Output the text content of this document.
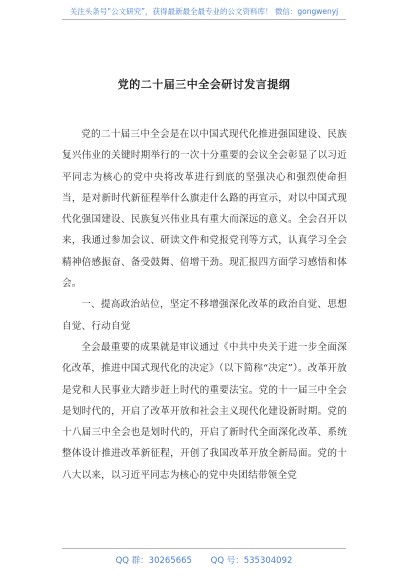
关注头条号“公文研究”，获得最新最全最专业的公文资料库！ 微信：gongwenyj
党的二十届三中全会研讨发言提纲

党的二十届三中全会是在以中国式现代化推进强国建设、民族复兴伟业的关键时期举行的一次十分重要的会议全会彰显了以习近平同志为核心的党中央将改革进行到底的坚强决心和强烈使命担当，是对新时代新征程举什么旗走什么路的再宣示，对以中国式现代化强国建设、民族复兴伟业具有重大而深远的意义。全会召开以来，我通过参加会议、研读文件和党报党刊等方式，认真学习全会精神倍感振奋、备受鼓舞、倍增干劲。现汇报四方面学习感悟和体会。

一、提高政治站位，坚定不移增强深化改革的政治自觉、思想自觉、行动自觉

全会最重要的成果就是审议通过《中共中央关于进一步全面深化改革，推进中国式现代化的决定》（以下简称“决定”）。改革开放是党和人民事业大踏步赶上时代的重要法宝。党的十一届三中全会是划时代的，开启了改革开放和社会主义现代化建设新时期。党的十八届三中全会也是划时代的，开启了新时代全面深化改革、系统整体设计推进改革新征程，开创了我国改革开放全新局面。党的十八大以来，以习近平同志为核心的党中央团结带领全党

QQ 群：30265665 QQ 号：535304092
